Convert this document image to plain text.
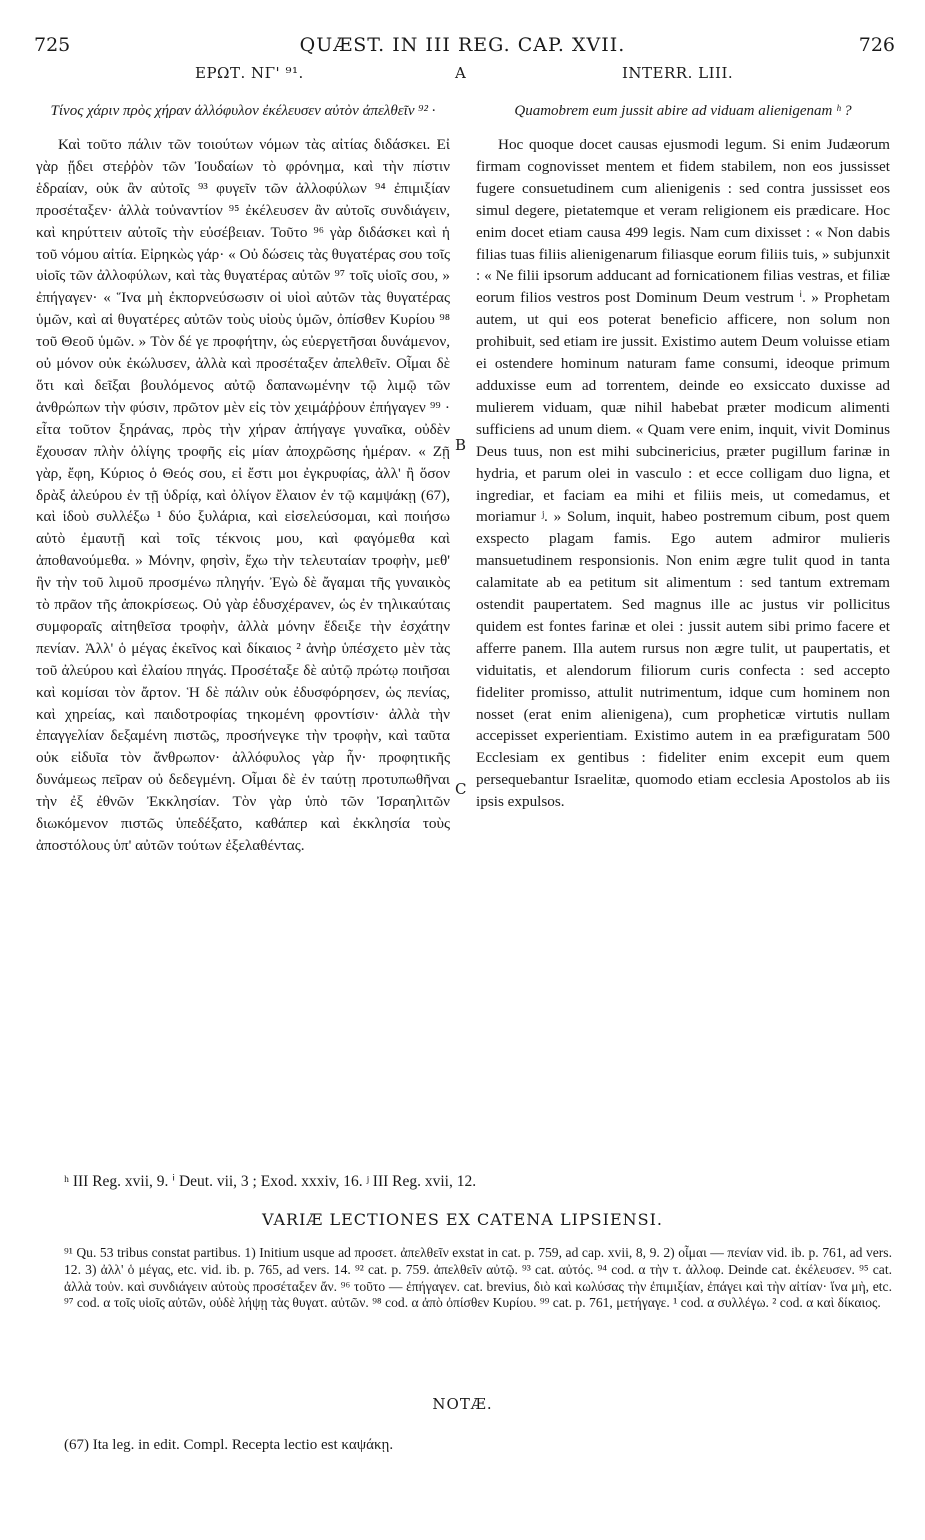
725	QUÆST. IN III REG. CAP. XVII.	726
ΕΡΩΤ. ΝΓ' ⁹¹.	A	INTERR. LIII.

Τίνος χάριν πρὸς χήραν ἀλλόφυλον ἐκέλευσεν αὐτὸν ἀπελθεῖν ⁹² ·

Καὶ τοῦτο πάλιν τῶν τοιούτων νόμων τὰς αἰτίας διδάσκει. Εἰ γὰρ ᾔδει στεῤῥὸν τῶν Ἰουδαίων τὸ φρόνημα, καὶ τὴν πίστιν ἑδραίαν, οὐκ ἂν αὐτοῖς ⁹³ φυγεῖν τῶν ἀλλοφύλων ⁹⁴ ἐπιμιξίαν προσέταξεν· ἀλλὰ τοὐναντίον ⁹⁵ ἐκέλευσεν ἂν αὐτοῖς συνδιάγειν, καὶ κηρύττειν αὐτοῖς τὴν εὐσέβειαν. Τοῦτο ⁹⁶ γὰρ διδάσκει καὶ ἡ τοῦ νόμου αἰτία. Εἰρηκὼς γάρ· « Οὐ δώσεις τὰς θυγατέρας σου τοῖς υἱοῖς τῶν ἀλλοφύλων, καὶ τὰς θυγατέρας αὐτῶν ⁹⁷ τοῖς υἱοῖς σου, » ἐπήγαγεν· « Ἵνα μὴ ἐκπορνεύσωσιν οἱ υἱοὶ αὐτῶν τὰς θυγατέρας ὑμῶν, καὶ αἱ θυγατέρες αὐτῶν τοὺς υἱοὺς ὑμῶν, ὀπίσθεν Κυρίου ⁹⁸ τοῦ Θεοῦ ὑμῶν. » Τὸν δέ γε προφήτην, ὡς εὐεργετῆσαι δυνάμενον, οὐ μόνον οὐκ ἐκώλυσεν, ἀλλὰ καὶ προσέταξεν ἀπελθεῖν. Οἶμαι δὲ ὅτι καὶ δεῖξαι βουλόμενος αὐτῷ δαπανωμένην τῷ λιμῷ τῶν ἀνθρώπων τὴν φύσιν, πρῶτον μὲν εἰς τὸν χειμάῤῥουν ἐπήγαγεν ⁹⁹ · εἶτα τοῦτον ξηράνας, πρὸς τὴν χήραν ἀπήγαγε γυναῖκα, οὐδὲν ἔχουσαν πλὴν ὀλίγης τροφῆς εἰς μίαν ἀποχρῶσης ἡμέραν. « Ζῇ γὰρ, ἔφη, Κύριος ὁ Θεός σου, εἰ ἔστι μοι ἐγκρυφίας, ἀλλ' ἢ ὅσον δρὰξ ἀλεύρου ἐν τῇ ὑδρίᾳ, καὶ ὀλίγον ἔλαιον ἐν τῷ καμψάκῃ (67), καὶ ἰδοὺ συλλέξω ¹ δύο ξυλάρια, καὶ εἰσελεύσομαι, καὶ ποιήσω αὐτὸ ἐμαυτῇ καὶ τοῖς τέκνοις μου, καὶ φαγόμεθα καὶ ἀποθανούμεθα. » Μόνην, φησὶν, ἔχω τὴν τελευταίαν τροφὴν, μεθ' ἣν τὴν τοῦ λιμοῦ προσμένω πληγήν. Ἐγὼ δὲ ἄγαμαι τῆς γυναικὸς τὸ πρᾶον τῆς ἀποκρίσεως. Οὐ γὰρ ἐδυσχέρανεν, ὡς ἐν τηλικαύταις συμφοραῖς αἰτηθεῖσα τροφὴν, ἀλλὰ μόνην ἔδειξε τὴν ἐσχάτην πενίαν. Ἀλλ' ὁ μέγας ἐκεῖνος καὶ δίκαιος ² ἀνὴρ ὑπέσχετο μὲν τὰς τοῦ ἀλεύρου καὶ ἐλαίου πηγάς. Προσέταξε δὲ αὐτῷ πρώτῳ ποιῆσαι καὶ κομίσαι τὸν ἄρτον. Ἡ δὲ πάλιν οὐκ ἐδυσφόρησεν, ὡς πενίας, καὶ χηρείας, καὶ παιδοτροφίας τηκομένη φροντίσιν· ἀλλὰ τὴν ἐπαγγελίαν δεξαμένη πιστῶς, προσήνεγκε τὴν τροφὴν, καὶ ταῦτα οὐκ εἰδυῖα τὸν ἄνθρωπον· ἀλλόφυλος γὰρ ἦν· προφητικῆς δυνάμεως πεῖραν οὐ δεδεγμένη. Οἶμαι δὲ ἐν ταύτῃ προτυπωθῆναι τὴν ἐξ ἐθνῶν Ἐκκλησίαν. Τὸν γὰρ ὑπὸ τῶν Ἰσραηλιτῶν διωκόμενον πιστῶς ὑπεδέξατο, καθάπερ καὶ ἐκκλησία τοὺς ἀποστόλους ὑπ' αὐτῶν τούτων ἐξελαθέντας.

B
C

Quamobrem eum jussit abire ad viduam alienigenam ʰ ?

Hoc quoque docet causas ejusmodi legum. Si enim Judæorum firmam cognovisset mentem et fidem stabilem, non eos jussisset fugere consuetudinem cum alienigenis : sed contra jussisset eos simul degere, pietatemque et veram religionem eis prædicare. Hoc enim docet etiam causa 499 legis. Nam cum dixisset : « Non dabis filias tuas filiis alienigenarum filiasque eorum filiis tuis, » subjunxit : « Ne filii ipsorum adducant ad fornicationem filias vestras, et filiæ eorum filios vestros post Dominum Deum vestrum ⁱ. » Prophetam autem, ut qui eos poterat beneficio afficere, non solum non prohibuit, sed etiam ire jussit. Existimo autem Deum voluisse etiam ei ostendere hominum naturam fame consumi, ideoque primum adduxisse eum ad torrentem, deinde eo exsiccato duxisse ad mulierem viduam, quæ nihil habebat præter modicum alimenti sufficiens ad unum diem. « Quam vere enim, inquit, vivit Dominus Deus tuus, non est mihi subcinericius, præter pugillum farinæ in hydria, et parum olei in vasculo : et ecce colligam duo ligna, et ingrediar, et faciam ea mihi et filiis meis, ut comedamus, et moriamur ʲ. » Solum, inquit, habeo postremum cibum, post quem exspecto plagam famis. Ego autem admiror mulieris mansuetudinem responsionis. Non enim ægre tulit quod in tanta calamitate ab ea petitum sit alimentum : sed tantum extremam ostendit paupertatem. Sed magnus ille ac justus vir pollicitus quidem est fontes farinæ et olei : jussit autem sibi primo facere et afferre panem. Illa autem rursus non ægre tulit, ut paupertatis, et viduitatis, et alendorum filiorum curis confecta : sed accepto fideliter promisso, attulit nutrimentum, idque cum hominem non nosset (erat enim alienigena), cum propheticæ virtutis nullam accepisset experientiam. Existimo autem in ea præfiguratam 500 Ecclesiam ex gentibus : fideliter enim excepit eum quem persequebantur Israelitæ, quomodo etiam ecclesia Apostolos ab iis ipsis expulsos.

ʰ III Reg. xvii, 9. ⁱ Deut. vii, 3 ; Exod. xxxiv, 16. ʲ III Reg. xvii, 12.
VARIÆ LECTIONES EX CATENA LIPSIENSI.

⁹¹ Qu. 53 tribus constat partibus. 1) Initium usque ad προσετ. ἀπελθεῖν exstat in cat. p. 759, ad cap. xvii, 8, 9. 2) οἶμαι — πενίαν vid. ib. p. 761, ad vers. 12. 3) ἀλλ' ὁ μέγας, etc. vid. ib. p. 765, ad vers. 14. ⁹² cat. p. 759. ἀπελθεῖν αὐτῷ. ⁹³ cat. αὐτός. ⁹⁴ cod. α τὴν τ. ἀλλοφ. Deinde cat. ἐκέλευσεν. ⁹⁵ cat. ἀλλὰ τοὐν. καὶ συνδιάγειν αὐτοὺς προσέταξεν ἄν. ⁹⁶ τοῦτο — ἐπήγαγεν. cat. brevius, διὸ καὶ κωλύσας τὴν ἐπιμιξίαν, ἐπάγει καὶ τὴν αἰτίαν· ἵνα μὴ, etc. ⁹⁷ cod. α τοῖς υἱοῖς αὐτῶν, οὐδὲ λήψῃ τὰς θυγατ. αὐτῶν. ⁹⁸ cod. α ἀπὸ ὀπίσθεν Κυρίου. ⁹⁹ cat. p. 761, μετήγαγε. ¹ cod. α συλλέγω. ² cod. α καὶ δίκαιος.

NOTÆ.
(67) Ita leg. in edit. Compl. Recepta lectio est καψάκῃ.
